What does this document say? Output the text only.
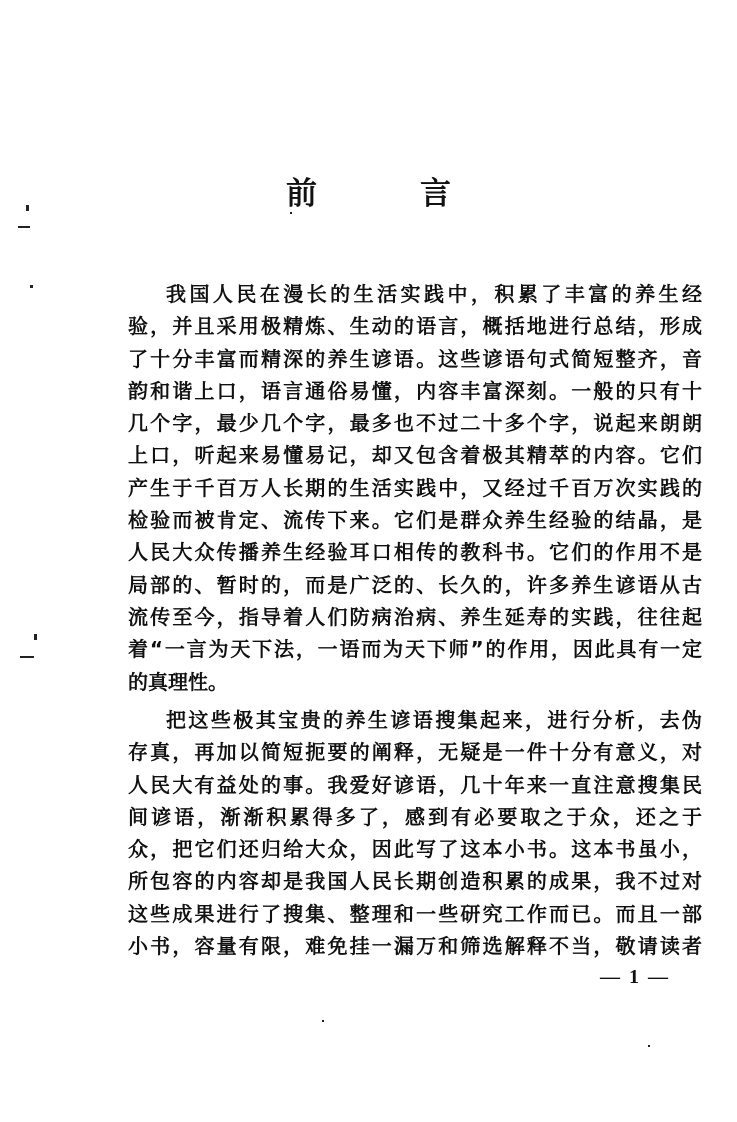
前　言
我国人民在漫长的生活实践中，积累了丰富的养生经
验，并且采用极精炼、生动的语言，概括地进行总结，形成
了十分丰富而精深的养生谚语。这些谚语句式简短整齐，音
韵和谐上口，语言通俗易懂，内容丰富深刻。一般的只有十
几个字，最少几个字，最多也不过二十多个字，说起来朗朗
上口，听起来易懂易记，却又包含着极其精萃的内容。它们
产生于千百万人长期的生活实践中，又经过千百万次实践的
检验而被肯定、流传下来。它们是群众养生经验的结晶，是
人民大众传播养生经验耳口相传的教科书。它们的作用不是
局部的、暂时的，而是广泛的、长久的，许多养生谚语从古
流传至今，指导着人们防病治病、养生延寿的实践，往往起
着“一言为天下法，一语而为天下师”的作用，因此具有一定
的真理性。
把这些极其宝贵的养生谚语搜集起来，进行分析，去伪
存真，再加以简短扼要的阐释，无疑是一件十分有意义，对
人民大有益处的事。我爱好谚语，几十年来一直注意搜集民
间谚语，渐渐积累得多了，感到有必要取之于众，还之于
众，把它们还归给大众，因此写了这本小书。这本书虽小，
所包容的内容却是我国人民长期创造积累的成果，我不过对
这些成果进行了搜集、整理和一些研究工作而已。而且一部
小书，容量有限，难免挂一漏万和筛选解释不当，敬请读者
— 1 —
